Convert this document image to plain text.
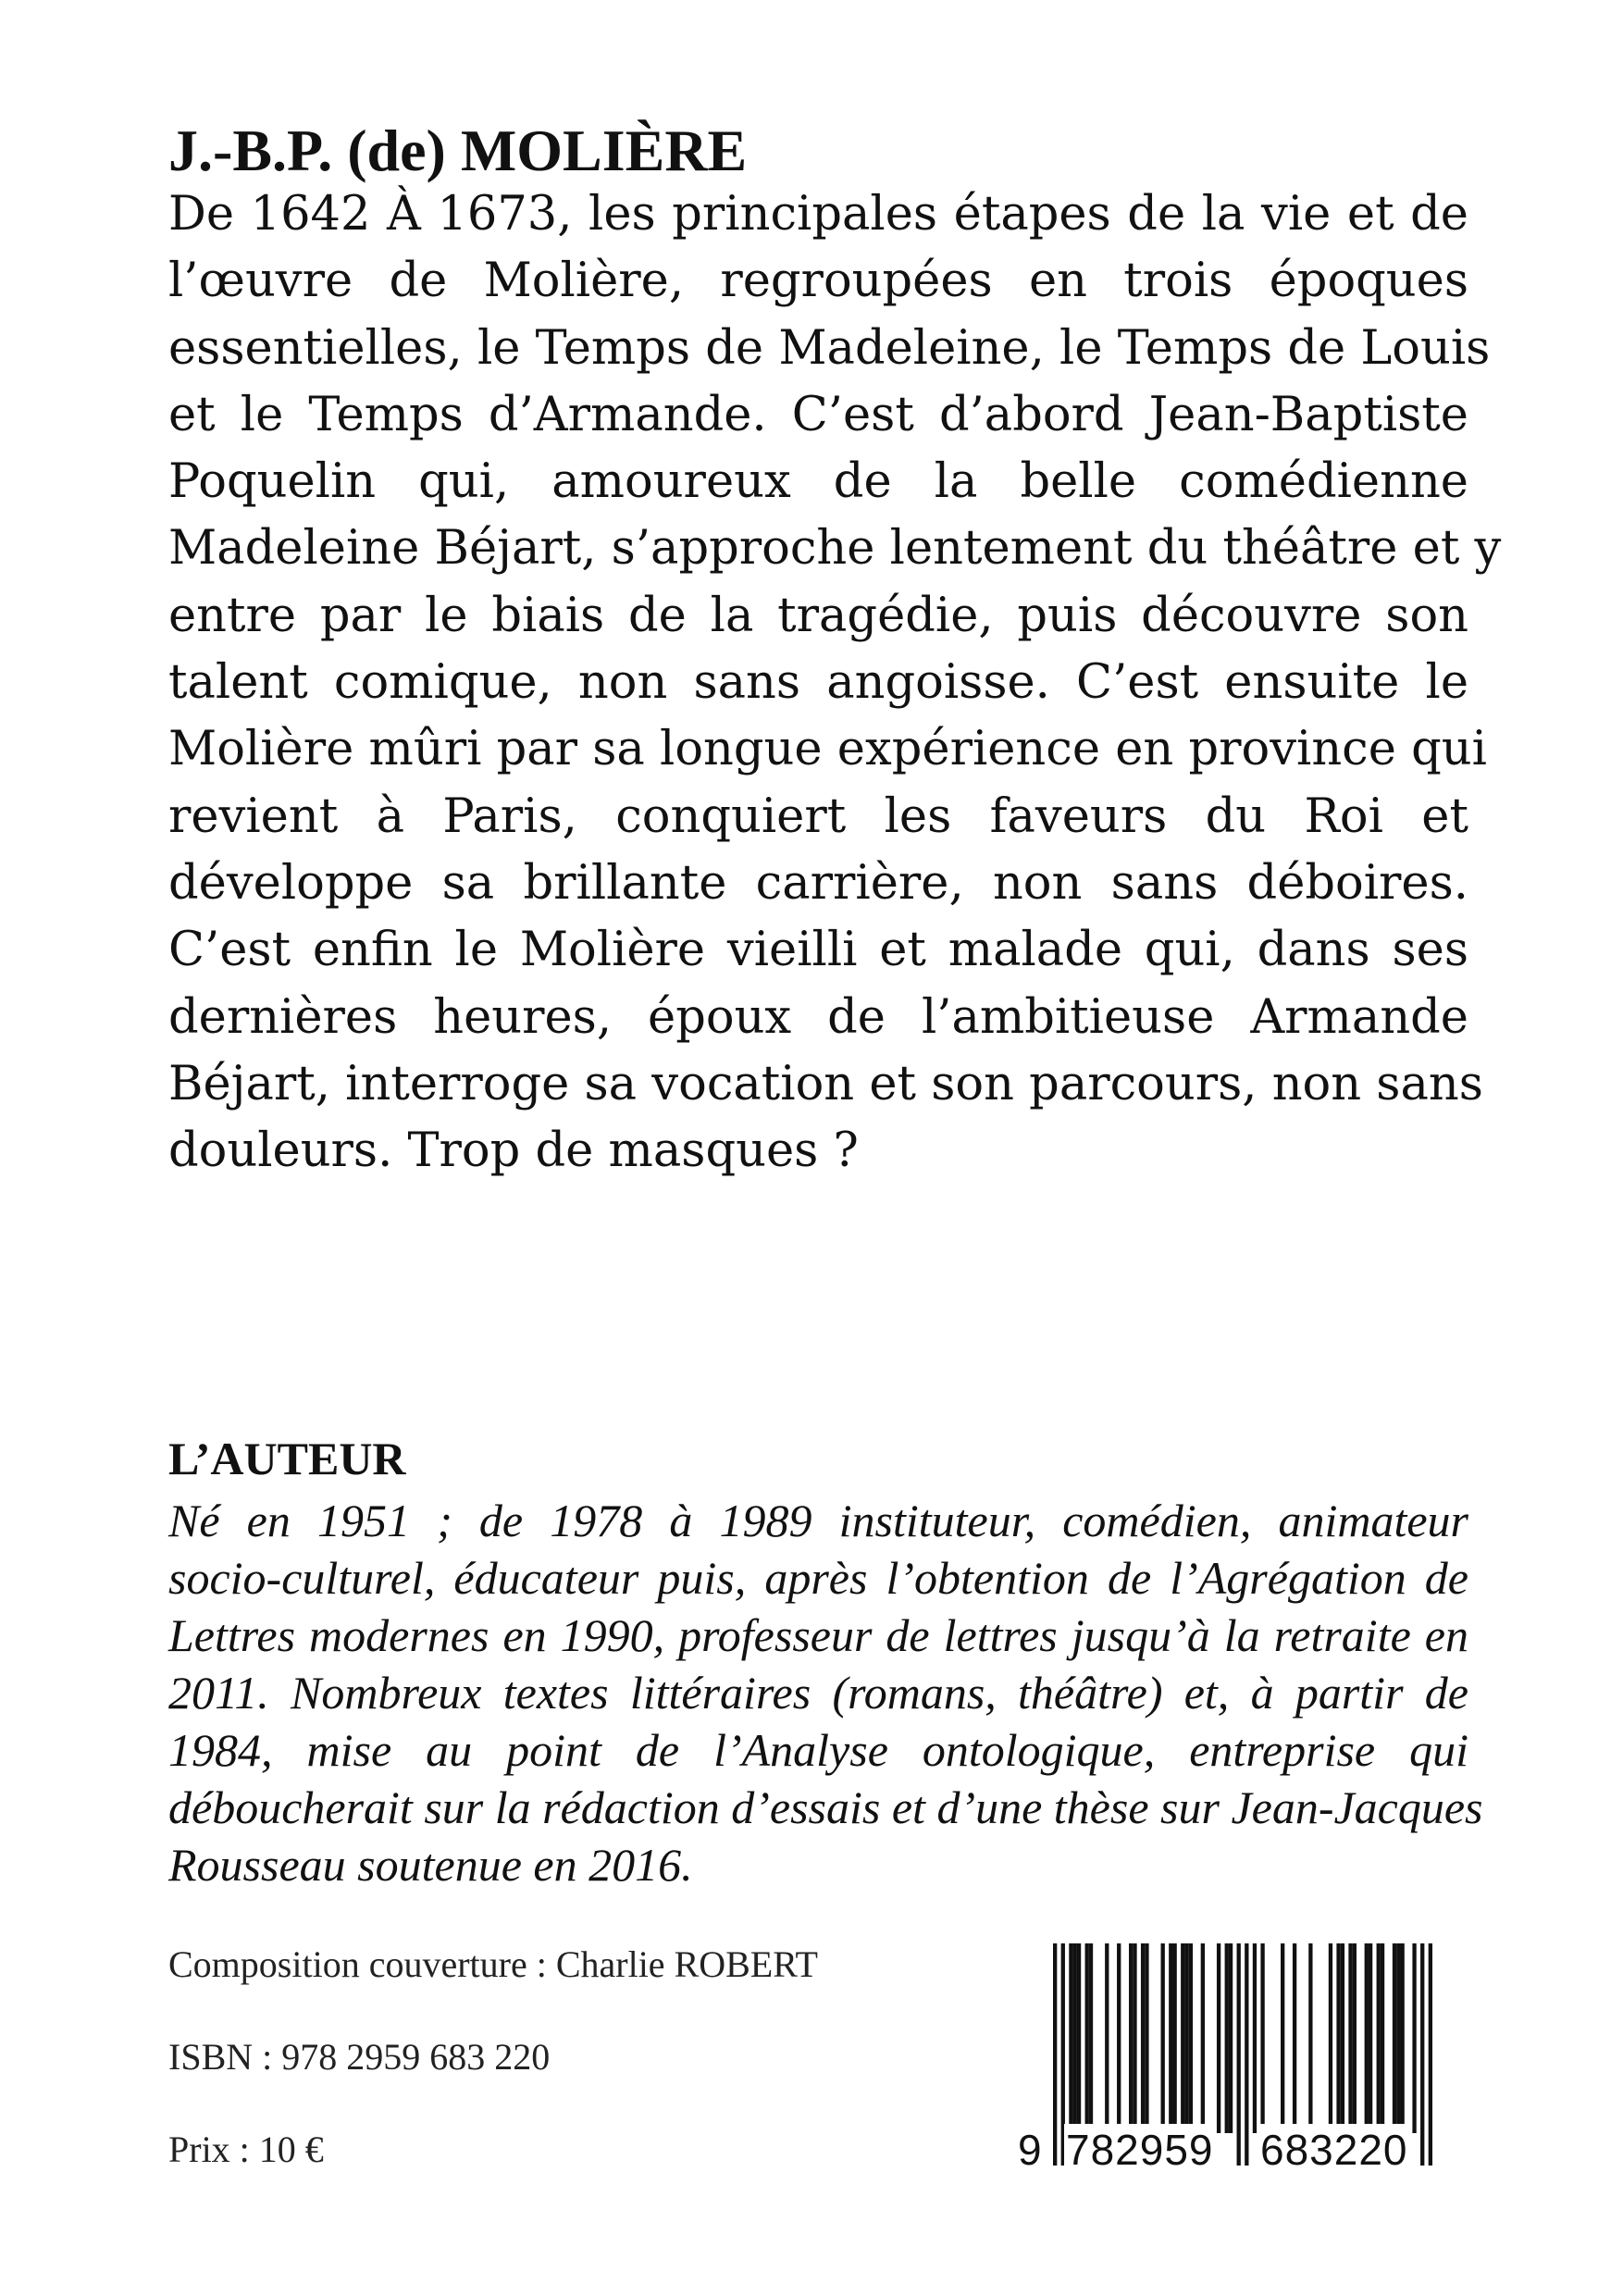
J.-B.P. (de) MOLIÈRE
De 1642 À 1673, les principales étapes de la vie et de
l’œuvre de Molière, regroupées en trois époques
essentielles, le Temps de Madeleine, le Temps de Louis
et le Temps d’Armande. C’est d’abord Jean-Baptiste
Poquelin qui, amoureux de la belle comédienne
Madeleine Béjart, s’approche lentement du théâtre et y
entre par le biais de la tragédie, puis découvre son
talent comique, non sans angoisse. C’est ensuite le
Molière mûri par sa longue expérience en province qui
revient à Paris, conquiert les faveurs du Roi et
développe sa brillante carrière, non sans déboires.
C’est enfin le Molière vieilli et malade qui, dans ses
dernières heures, époux de l’ambitieuse Armande
Béjart, interroge sa vocation et son parcours, non sans
douleurs. Trop de masques ?
L’AUTEUR
Né en 1951 ; de 1978 à 1989 instituteur, comédien, animateur
socio-culturel, éducateur puis, après l’obtention de l’Agrégation de
Lettres modernes en 1990, professeur de lettres jusqu’à la retraite en
2011. Nombreux textes littéraires (romans, théâtre) et, à partir de
1984, mise au point de l’Analyse ontologique, entreprise qui
déboucherait sur la rédaction d’essais et d’une thèse sur Jean-Jacques
Rousseau soutenue en 2016.

Composition couverture : Charlie ROBERT

ISBN : 978 2959 683 220

Prix : 10 €	9 782959 683220
